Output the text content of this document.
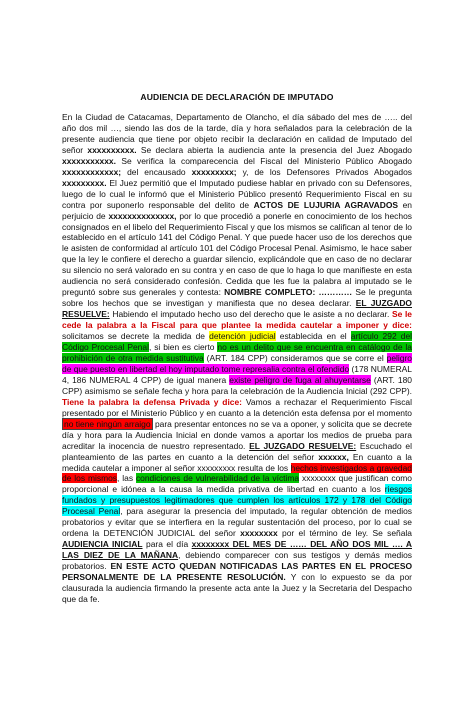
AUDIENCIA DE DECLARACIÓN DE IMPUTADO

En la Ciudad de Catacamas, Departamento de Olancho, el día sábado del mes de ….. del año dos mil …, siendo las dos de la tarde, día y hora señalados para la celebración de la presente audiencia que tiene por objeto recibir la declaración en calidad de Imputado del señor xxxxxxxxxx. Se declara abierta la audiencia ante la presencia del Juez Abogado xxxxxxxxxxx. Se verifica la comparecencia del Fiscal del Ministerio Público Abogado xxxxxxxxxxxx; del encausado xxxxxxxxx; y, de los Defensores Privados Abogados xxxxxxxxx. El Juez permitió que el Imputado pudiese hablar en privado con su Defensores, luego de lo cual le informó que el Ministerio Público presentó Requerimiento Fiscal en su contra por suponerlo responsable del delito de ACTOS DE LUJURIA AGRAVADOS en perjuicio de xxxxxxxxxxxxxx, por lo que procedió a ponerle en conocimiento de los hechos consignados en el libelo del Requerimiento Fiscal y que los mismos se califican al tenor de lo establecido en el artículo 141 del Código Penal. Y que puede hacer uso de los derechos que le asisten de conformidad al artículo 101 del Código Procesal Penal. Asimismo, le hace saber que la ley le confiere el derecho a guardar silencio, explicándole que en caso de no declarar su silencio no será valorado en su contra y en caso de que lo haga lo que manifieste en esta audiencia no será considerado confesión. Cedida que les fue la palabra al imputado se le preguntó sobre sus generales y contesta: NOMBRE COMPLETO: ………… Se le pregunta sobre los hechos que se investigan y manifiesta que no desea declarar. EL JUZGADO RESUELVE: Habiendo el imputado hecho uso del derecho que le asiste a no declarar. Se le cede la palabra a la Fiscal para que plantee la medida cautelar a imponer y dice: solicitamos se decrete la medida de detención judicial establecida en el artículo 292 del Código Procesal Penal, si bien es cierto no es un delito que se encuentra en catálogo de la prohibición de otra medida sustitutiva (ART. 184 CPP) consideramos que se corre el peligro de que puesto en libertad el hoy imputado tome represalia contra el ofendido (178 NUMERAL 4, 186 NUMERAL 4 CPP) de igual manera existe peligro de fuga al ahuyentarse (ART. 180 CPP) asimismo se señale fecha y hora para la celebración de la Audiencia Inicial (292 CPP). Tiene la palabra la defensa Privada y dice: Vamos a rechazar el Requerimiento Fiscal presentado por el Ministerio Público y en cuanto a la detención esta defensa por el momento no tiene ningún arraigo para presentar entonces no se va a oponer, y solicita que se decrete día y hora para la Audiencia Inicial en donde vamos a aportar los medios de prueba para acreditar la inocencia de nuestro representado. EL JUZGADO RESUELVE: Escuchado el planteamiento de las partes en cuanto a la detención del señor xxxxxx, En cuanto a la medida cautelar a imponer al señor xxxxxxxxx resulta de los hechos investigados a gravedad de los mismos, las condiciones de vulnerabilidad de la víctima xxxxxxxx que justifican como proporcional e idónea a la causa la medida privativa de libertad en cuanto a los riesgos fundados y presupuestos legitimadores que cumplen los artículos 172 y 178 del Código Procesal Penal, para asegurar la presencia del imputado, la regular obtención de medios probatorios y evitar que se interfiera en la regular sustentación del proceso, por lo cual se ordena la DETENCIÓN JUDICIAL del señor xxxxxxxx por el término de ley. Se señala AUDIENCIA INICIAL para el día xxxxxxxx DEL MES DE …… DEL AÑO DOS MIL …. A LAS DIEZ DE LA MAÑANA, debiendo comparecer con sus testigos y demás medios probatorios. EN ESTE ACTO QUEDAN NOTIFICADAS LAS PARTES EN EL PROCESO PERSONALMENTE DE LA PRESENTE RESOLUCIÓN. Y con lo expuesto se da por clausurada la audiencia firmando la presente acta ante la Juez y la Secretaria del Despacho que da fe.
